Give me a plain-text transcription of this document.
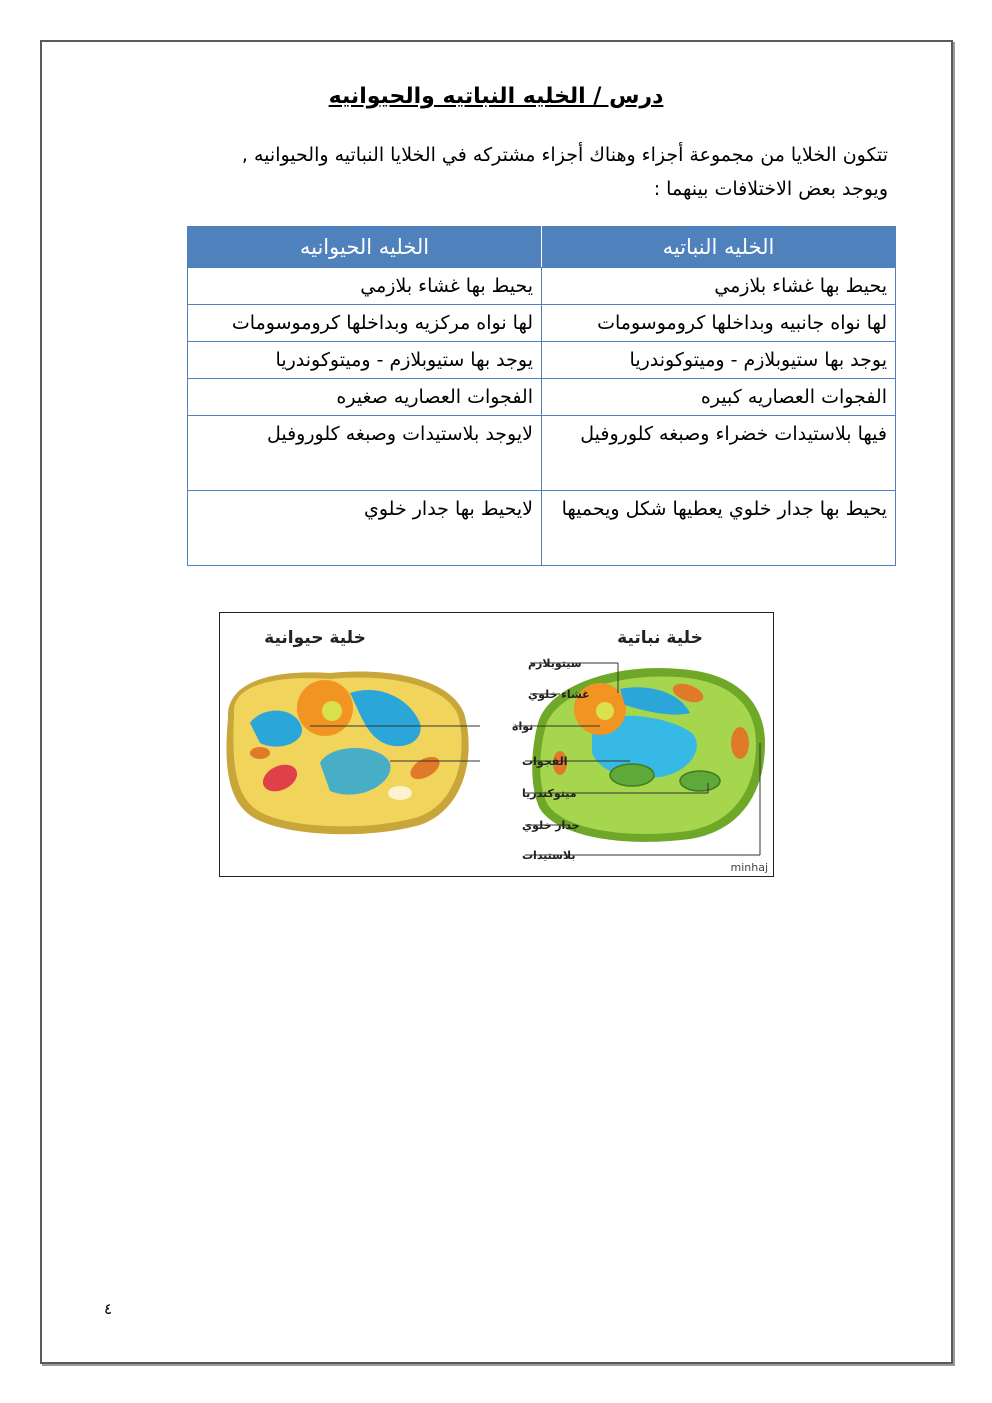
درس / الخليه النباتيه والحيوانيه
تتكون الخلايا من مجموعة أجزاء وهناك أجزاء مشتركه في الخلايا النباتيه والحيوانيه ,
ويوجد بعض الاختلافات بينهما :
الخليه النباتيه	الخليه الحيوانيه
يحيط بها غشاء بلازمي	يحيط بها غشاء بلازمي
لها نواه جانبيه وبداخلها كروموسومات	لها نواه مركزيه وبداخلها كروموسومات
يوجد بها ستيوبلازم - وميتوكوندريا	يوجد بها ستيوبلازم - وميتوكوندريا
الفجوات العصاريه كبيره	الفجوات العصاريه صغيره
فيها بلاستيدات خضراء وصبغه كلوروفيل	لايوجد بلاستيدات وصبغه كلوروفيل
يحيط بها جدار خلوي يعطيها شكل ويحميها	لايحيط بها جدار خلوي
خلية حيوانية	خلية نباتية
سيتوبلازم
غشاء خلوي
نواة
الفجوات
ميتوكندريا
جدار خلوي
بلاستيدات
minhaj
٤
